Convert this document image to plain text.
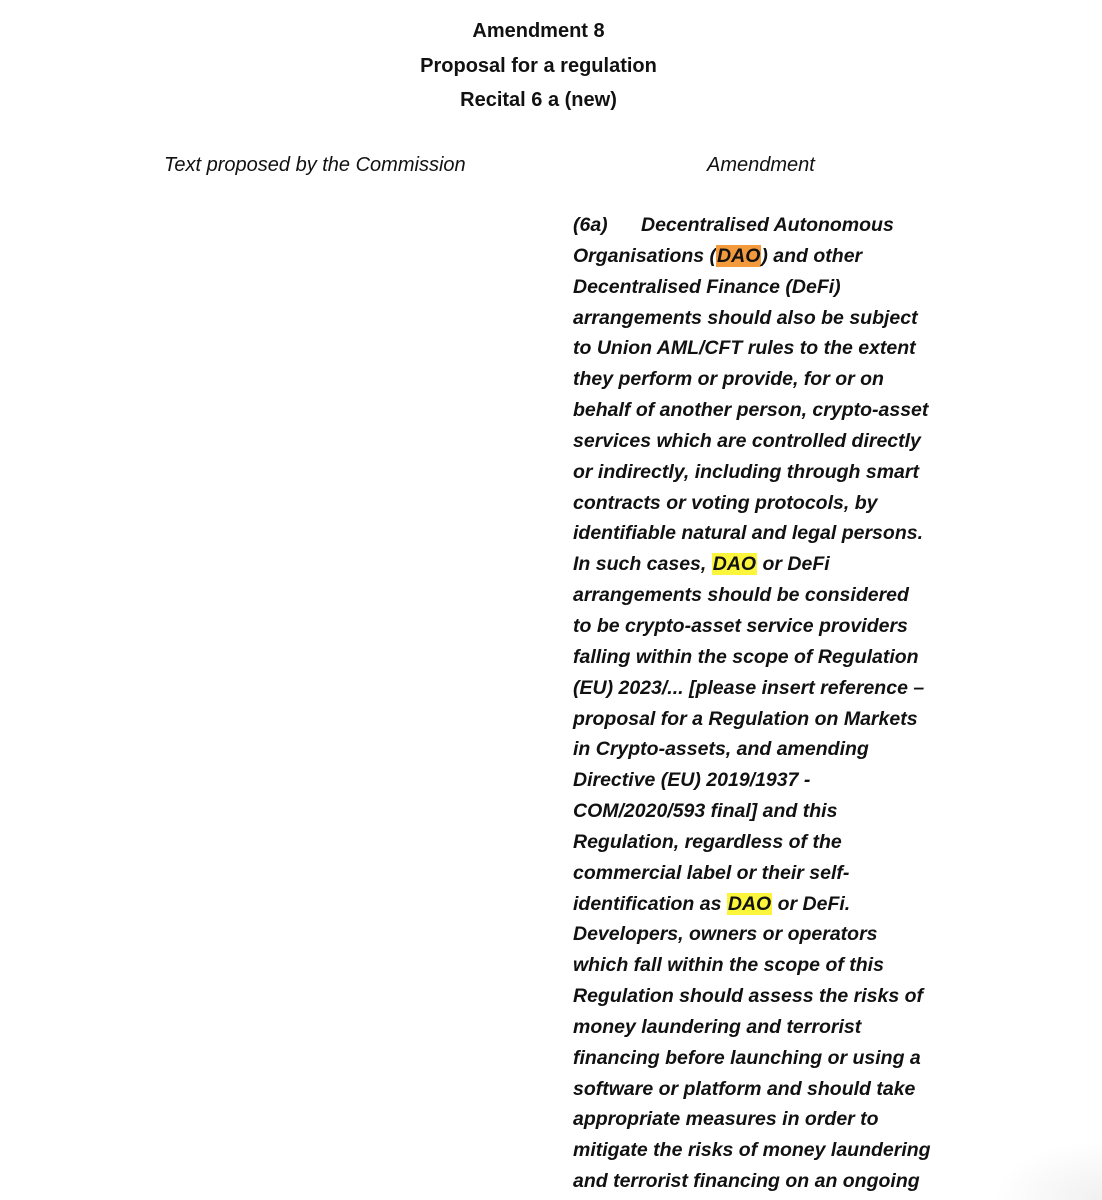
Amendment 8
Proposal for a regulation
Recital 6 a (new)
Text proposed by the Commission	Amendment
(6a) Decentralised Autonomous
Organisations (DAO) and other
Decentralised Finance (DeFi)
arrangements should also be subject
to Union AML/CFT rules to the extent
they perform or provide, for or on
behalf of another person, crypto-asset
services which are controlled directly
or indirectly, including through smart
contracts or voting protocols, by
identifiable natural and legal persons.
In such cases, DAO or DeFi
arrangements should be considered
to be crypto-asset service providers
falling within the scope of Regulation
(EU) 2023/... [please insert reference –
proposal for a Regulation on Markets
in Crypto-assets, and amending
Directive (EU) 2019/1937 -
COM/2020/593 final] and this
Regulation, regardless of the
commercial label or their self-
identification as DAO or DeFi.
Developers, owners or operators
which fall within the scope of this
Regulation should assess the risks of
money laundering and terrorist
financing before launching or using a
software or platform and should take
appropriate measures in order to
mitigate the risks of money laundering
and terrorist financing on an ongoing
